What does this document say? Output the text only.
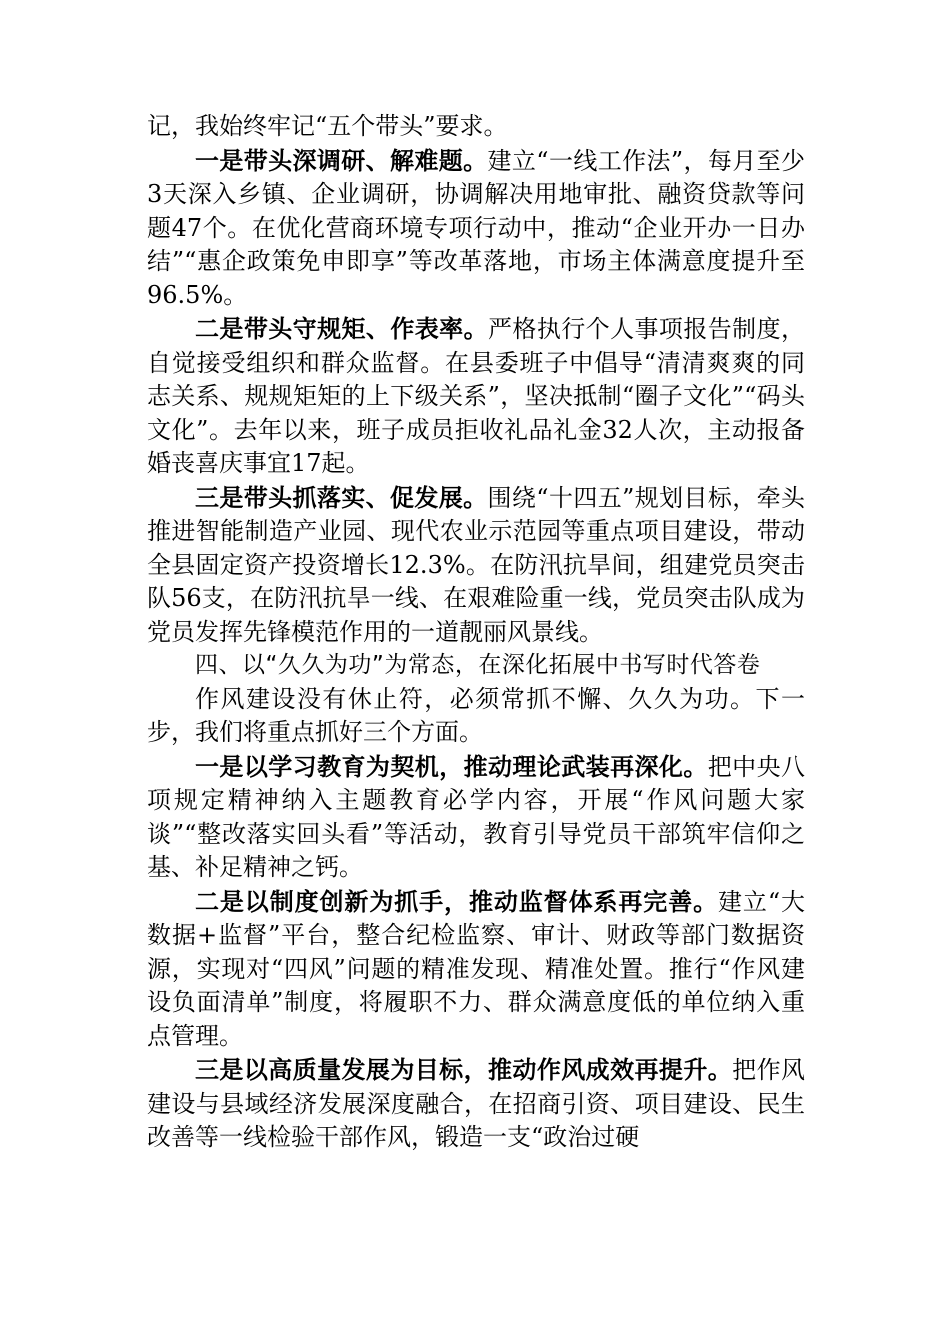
记，我始终牢记“五个带头”要求。

一是带头深调研、解难题。建立“一线工作法”，每月至少3天深入乡镇、企业调研，协调解决用地审批、融资贷款等问题47个。在优化营商环境专项行动中，推动“企业开办一日办结”“惠企政策免申即享”等改革落地，市场主体满意度提升至96.5%。

二是带头守规矩、作表率。严格执行个人事项报告制度，自觉接受组织和群众监督。在县委班子中倡导“清清爽爽的同志关系、规规矩矩的上下级关系”，坚决抵制“圈子文化”“码头文化”。去年以来，班子成员拒收礼品礼金32人次，主动报备婚丧喜庆事宜17起。

三是带头抓落实、促发展。围绕“十四五”规划目标，牵头推进智能制造产业园、现代农业示范园等重点项目建设，带动全县固定资产投资增长12.3%。在防汛抗旱间，组建党员突击队56支，在防汛抗旱一线、在艰难险重一线，党员突击队成为党员发挥先锋模范作用的一道靓丽风景线。

四、以“久久为功”为常态，在深化拓展中书写时代答卷

作风建设没有休止符，必须常抓不懈、久久为功。下一步，我们将重点抓好三个方面。

一是以学习教育为契机，推动理论武装再深化。把中央八项规定精神纳入主题教育必学内容，开展“作风问题大家谈”“整改落实回头看”等活动，教育引导党员干部筑牢信仰之基、补足精神之钙。

二是以制度创新为抓手，推动监督体系再完善。建立“大数据+监督”平台，整合纪检监察、审计、财政等部门数据资源，实现对“四风”问题的精准发现、精准处置。推行“作风建设负面清单”制度，将履职不力、群众满意度低的单位纳入重点管理。

三是以高质量发展为目标，推动作风成效再提升。把作风建设与县域经济发展深度融合，在招商引资、项目建设、民生改善等一线检验干部作风，锻造一支“政治过硬
